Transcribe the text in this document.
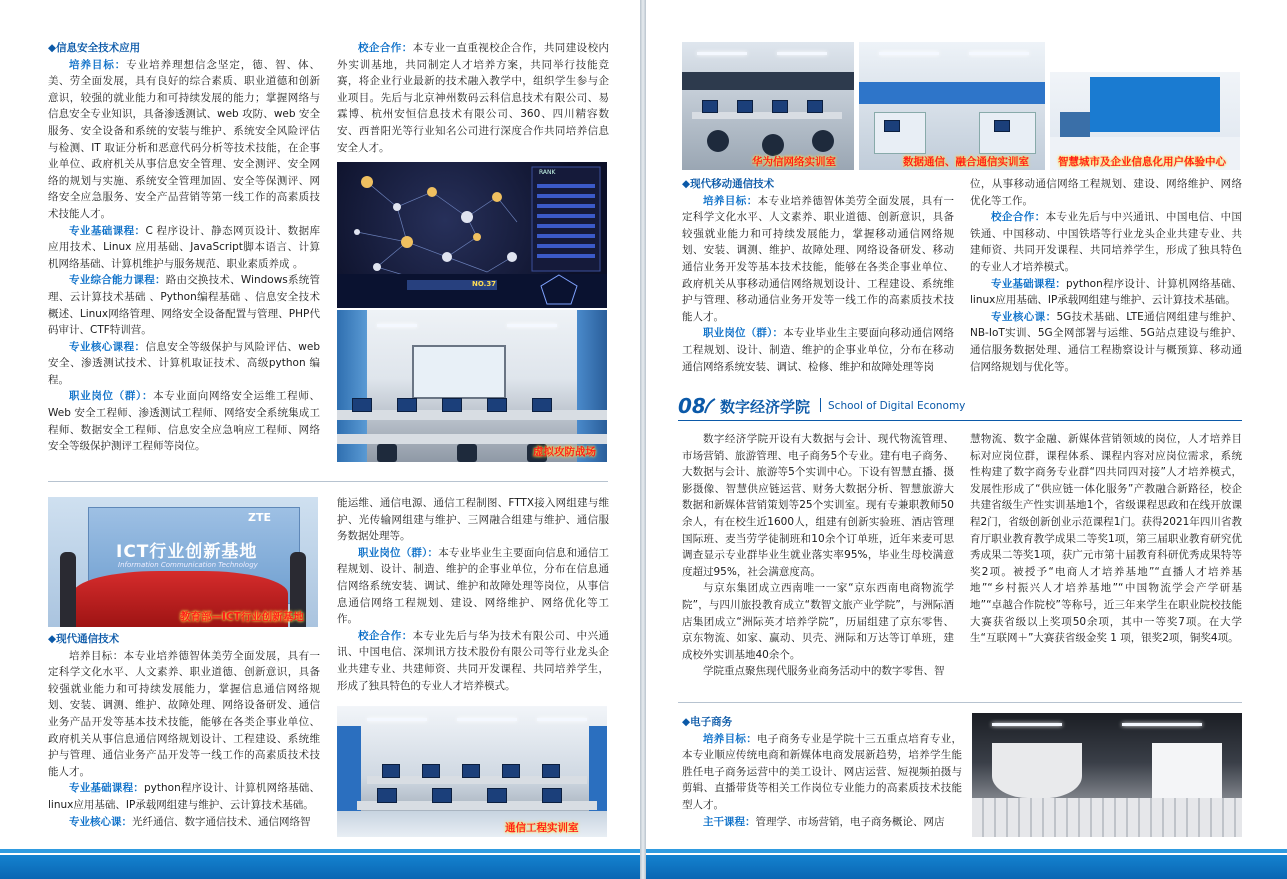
◆信息安全技术应用

培养目标：专业培养理想信念坚定，德、智、体、美、劳全面发展，具有良好的综合素质、职业道德和创新意识，较强的就业能力和可持续发展的能力；掌握网络与信息安全专业知识，具备渗透测试、web 攻防、web 安全服务、安全设备和系统的安装与维护、系统安全风险评估与检测、IT 取证分析和恶意代码分析等技术技能，在企事业单位、政府机关从事信息安全管理、安全测评、安全网络的规划与实施、系统安全管理加固、安全等保测评、网络安全应急服务、安全产品营销等第一线工作的高素质技术技能人才。

专业基础课程：C 程序设计、静态网页设计、数据库应用技术、Linux 应用基础、JavaScript脚本语言、计算机网络基础、计算机维护与服务规范、职业素质养成 。

专业综合能力课程：路由交换技术、Windows系统管理、云计算技术基础 、Python编程基础 、信息安全技术概述、Linux网络管理、网络安全设备配置与管理、PHP代码审计、CTF特训营。

专业核心课程：信息安全等级保护与风险评估、web安全、渗透测试技术、计算机取证技术、高级python 编程。

职业岗位（群）：本专业面向网络安全运维工程师、Web 安全工程师、渗透测试工程师、网络安全系统集成工程师、数据安全工程师、信息安全应急响应工程师、网络安全等级保护测评工程师等岗位。

校企合作：本专业一直重视校企合作，共同建设校内外实训基地，共同制定人才培养方案，共同举行技能竞赛，将企业行业最新的技术融入教学中，组织学生参与企业项目。先后与北京神州数码云科信息技术有限公司、易霖博、杭州安恒信息技术有限公司、360、四川精容数安、西普阳光等行业知名公司进行深度合作共同培养信息安全人才。

RANK
NO.37
虚拟攻防战场
ZTE
ICT行业创新基地
Information Communication Technology
教育部—ICT行业创新基地

◆现代通信技术

培养目标：本专业培养德智体美劳全面发展，具有一定科学文化水平、人文素养、职业道德、创新意识，具备较强就业能力和可持续发展能力，掌握信息通信网络规划、安装、调测、维护、故障处理、网络设备研发、通信业务产品开发等基本技术技能，能够在各类企事业单位、政府机关从事信息通信网络规划设计、工程建设、系统维护与管理、通信业务产品开发等一线工作的高素质技术技能人才。

专业基础课程：python程序设计、计算机网络基础、linux应用基础、IP承载网组建与维护、云计算技术基础。

专业核心课：光纤通信、数字通信技术、通信网络智

能运维、通信电源、通信工程制图、FTTX接入网组建与维护、光传输网组建与维护、三网融合组建与维护、通信服务数据处理等。

职业岗位（群）：本专业毕业生主要面向信息和通信工程规划、设计、制造、维护的企事业单位，分布在信息通信网络系统安装、调试、维护和故障处理等岗位，从事信息通信网络工程规划、建设、网络维护、网络优化等工作。

校企合作：本专业先后与华为技术有限公司、中兴通讯、中国电信、深圳讯方技术股份有限公司等行业龙头企业共建专业、共建师资、共同开发课程、共同培养学生，形成了独具特色的专业人才培养模式。

通信工程实训室
华为信网络实训室	数据通信、融合通信实训室	智慧城市及企业信息化用户体验中心

◆现代移动通信技术

培养目标：本专业培养德智体美劳全面发展，具有一定科学文化水平、人文素养、职业道德、创新意识，具备较强就业能力和可持续发展能力，掌握移动通信网络规划、安装、调测、维护、故障处理、网络设备研发、移动通信业务开发等基本技术技能，能够在各类企事业单位、政府机关从事移动通信网络规划设计、工程建设、系统维护与管理、移动通信业务开发等一线工作的高素质技术技能人才。

职业岗位（群）：本专业毕业生主要面向移动通信网络工程规划、设计、制造、维护的企事业单位，分布在移动通信网络系统安装、调试、检修、维护和故障处理等岗

位，从事移动通信网络工程规划、建设、网络维护、网络优化等工作。

校企合作：本专业先后与中兴通讯、中国电信、中国铁通、中国移动、中国铁塔等行业龙头企业共建专业、共建师资、共同开发课程、共同培养学生，形成了独具特色的专业人才培养模式。

专业基础课程：python程序设计、计算机网络基础、linux应用基础、IP承载网组建与维护、云计算技术基础。

专业核心课：5G技术基础、LTE通信网组建与维护、NB-IoT实训、5G全网部署与运维、5G站点建设与维护、通信服务数据处理、通信工程勘察设计与概预算、移动通信网络规划与优化等。

08 数字经济学院 School of Digital Economy

数字经济学院开设有大数据与会计、现代物流管理、市场营销、旅游管理、电子商务5个专业。建有电子商务、大数据与会计、旅游等5个实训中心。下设有智慧直播、摄影摄像、智慧供应链运营、财务大数据分析、智慧旅游大数据和新媒体营销策划等25个实训室。现有专兼职教师50余人，有在校生近1600人，组建有创新实验班、酒店管理国际班、麦当劳学徒制班和10余个订单班，近年来麦可思调查显示专业群毕业生就业落实率95%，毕业生母校满意度超过95%，社会满意度高。

与京东集团成立西南唯一一家“京东西南电商物流学院”，与四川旅投教育成立“数智文旅产业学院”，与洲际酒店集团成立“洲际英才培养学院”，历届组建了京东零售、京东物流、如家、赢动、贝壳、洲际和万达等订单班，建成校外实训基地40余个。

学院重点聚焦现代服务业商务活动中的数字零售、智

慧物流、数字金融、新媒体营销领域的岗位，人才培养目标对应岗位群，课程体系、课程内容对应岗位需求，系统性构建了数字商务专业群“四共同四对接”人才培养模式，发展性形成了“供应链一体化服务”产教融合新路径，校企共建省级生产性实训基地1个，省级课程思政和在线开放课程2门，省级创新创业示范课程1门。获得2021年四川省教育厅职业教育教学成果二等奖1项，第三届职业教育研究优秀成果二等奖1项，获广元市第十届教育科研优秀成果特等奖2项。被授予“电商人才培养基地”“直播人才培养基地”“乡村振兴人才培养基地”“中国物流学会产学研基地”“卓越合作院校”等称号，近三年来学生在职业院校技能大赛获省级以上奖项50余项，其中一等奖7项。在大学生“互联网＋”大赛获省级金奖 1 项，银奖2项，铜奖4项。

◆电子商务

培养目标：电子商务专业是学院十三五重点培育专业，本专业顺应传统电商和新媒体电商发展新趋势，培养学生能胜任电子商务运营中的美工设计、网店运营、短视频拍摄与剪辑、直播带货等相关工作岗位专业能力的高素质技术技能型人才。

主干课程：管理学、市场营销，电子商务概论、网店
